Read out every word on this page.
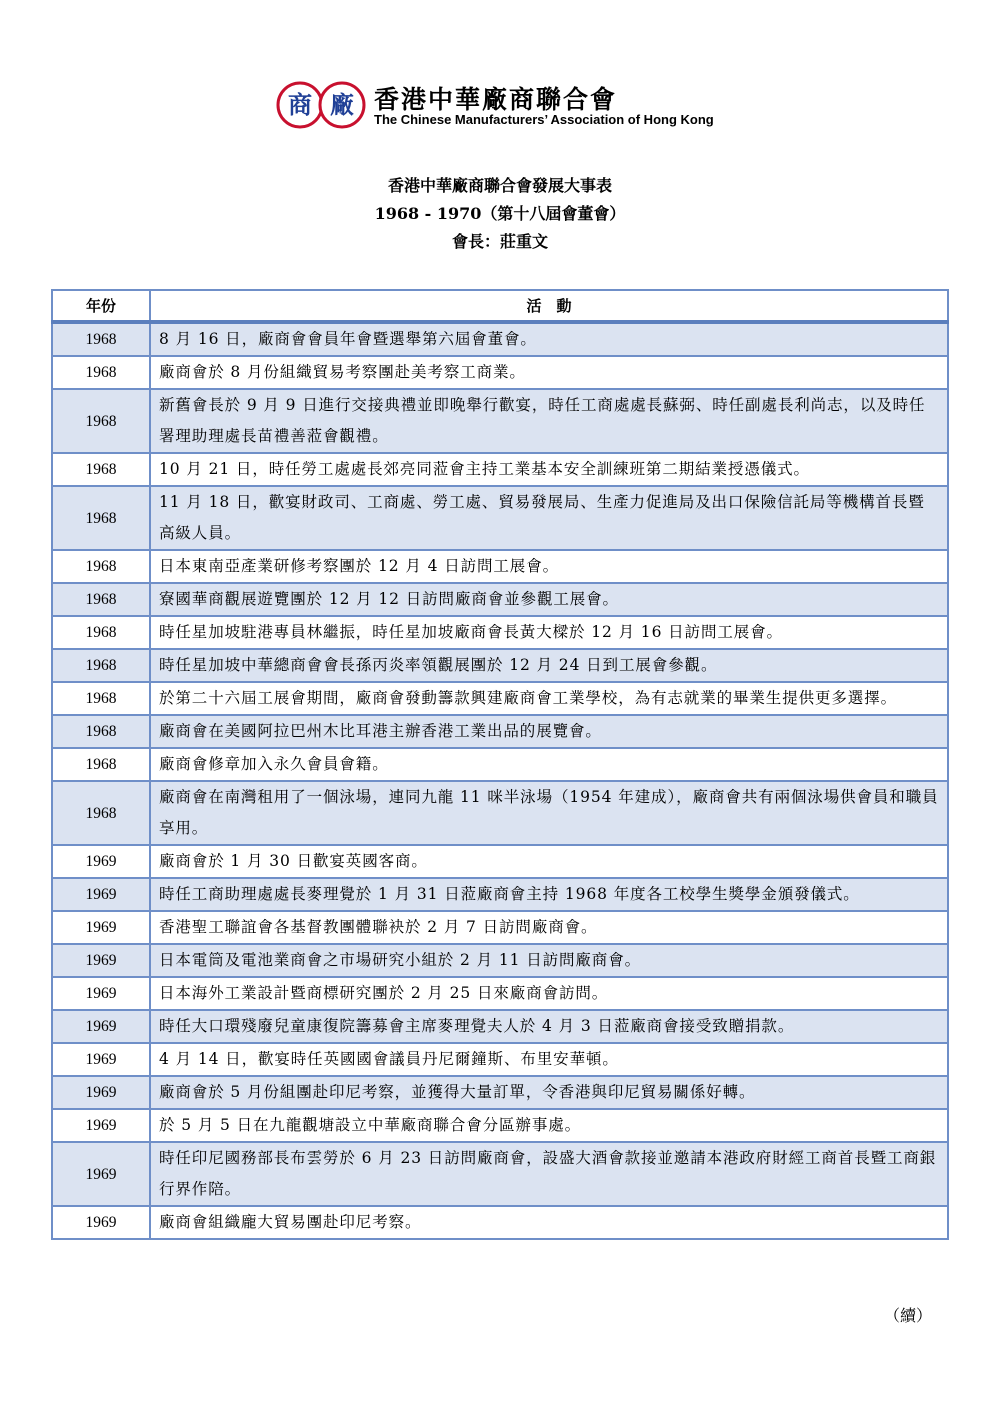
商 廠 香港中華廠商聯合會
The Chinese Manufacturers’ Association of Hong Kong
香港中華廠商聯合會發展大事表
1968 - 1970（第十八屆會董會）
會長：莊重文
年份	活　動
1968	8 月 16 日，廠商會會員年會暨選舉第六屆會董會。
1968	廠商會於 8 月份組織貿易考察團赴美考察工商業。
1968	新舊會長於 9 月 9 日進行交接典禮並即晚舉行歡宴，時任工商處處長蘇弼、時任副處長利尚志，以及時任署理助理處長苗禮善蒞會觀禮。
1968	10 月 21 日，時任勞工處處長郊亮同蒞會主持工業基本安全訓練班第二期結業授憑儀式。
1968	11 月 18 日，歡宴財政司、工商處、勞工處、貿易發展局、生產力促進局及出口保險信託局等機構首長暨高級人員。
1968	日本東南亞產業研修考察團於 12 月 4 日訪問工展會。
1968	寮國華商觀展遊覽團於 12 月 12 日訪問廠商會並參觀工展會。
1968	時任星加坡駐港專員林繼振，時任星加坡廠商會長黃大樑於 12 月 16 日訪問工展會。
1968	時任星加坡中華總商會會長孫丙炎率領觀展團於 12 月 24 日到工展會參觀。
1968	於第二十六屆工展會期間，廠商會發動籌款興建廠商會工業學校，為有志就業的畢業生提供更多選擇。
1968	廠商會在美國阿拉巴州木比耳港主辦香港工業出品的展覽會。
1968	廠商會修章加入永久會員會籍。
1968	廠商會在南灣租用了一個泳場，連同九龍 11 咪半泳場（1954 年建成），廠商會共有兩個泳場供會員和職員享用。
1969	廠商會於 1 月 30 日歡宴英國客商。
1969	時任工商助理處處長麥理覺於 1 月 31 日蒞廠商會主持 1968 年度各工校學生獎學金頒發儀式。
1969	香港聖工聯誼會各基督教團體聯袂於 2 月 7 日訪問廠商會。
1969	日本電筒及電池業商會之市場研究小組於 2 月 11 日訪問廠商會。
1969	日本海外工業設計暨商標研究團於 2 月 25 日來廠商會訪問。
1969	時任大口環殘廢兒童康復院籌募會主席麥理覺夫人於 4 月 3 日蒞廠商會接受致贈捐款。
1969	4 月 14 日，歡宴時任英國國會議員丹尼爾鐘斯、布里安華頓。
1969	廠商會於 5 月份組團赴印尼考察，並獲得大量訂單，令香港與印尼貿易關係好轉。
1969	於 5 月 5 日在九龍觀塘設立中華廠商聯合會分區辦事處。
1969	時任印尼國務部長布雲勞於 6 月 23 日訪問廠商會，設盛大酒會款接並邀請本港政府財經工商首長暨工商銀行界作陪。
1969	廠商會組織龐大貿易團赴印尼考察。
（續）
